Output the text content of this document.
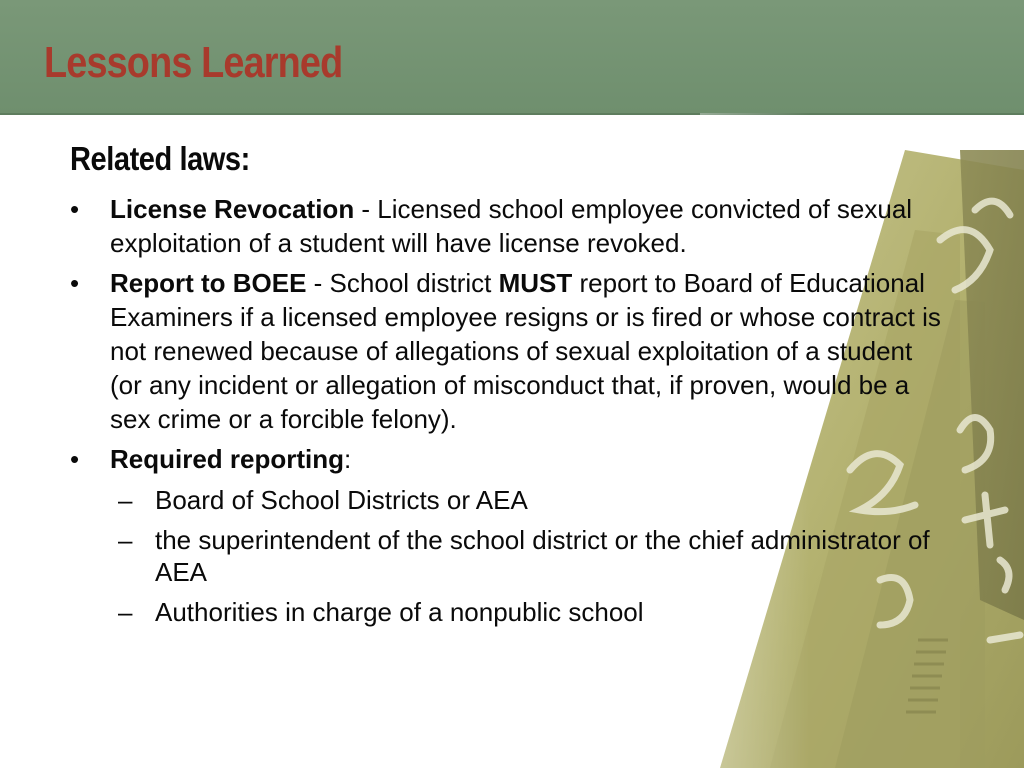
Lessons Learned
Related laws:
•	License Revocation - Licensed school employee convicted of sexual exploitation of a student will have license revoked.
•	Report to BOEE - School district MUST report to Board of Educational Examiners if a licensed employee resigns or is fired or whose contract is not renewed because of allegations of sexual exploitation of a student (or any incident or allegation of misconduct that, if proven, would be a sex crime or a forcible felony).
•	Required reporting:
– Board of School Districts or AEA
– the superintendent of the school district or the chief administrator of AEA
– Authorities in charge of a nonpublic school
